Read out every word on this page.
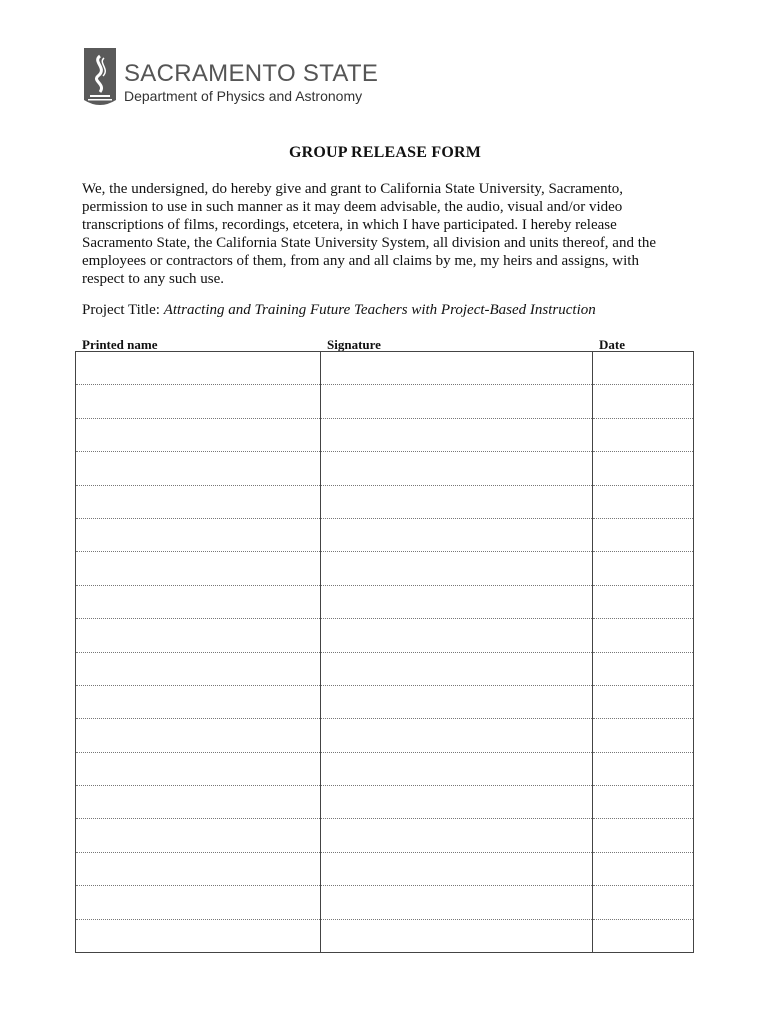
SACRAMENTO STATE
Department of Physics and Astronomy
GROUP RELEASE FORM
We, the undersigned, do hereby give and grant to California State University, Sacramento,
permission to use in such manner as it may deem advisable, the audio, visual and/or video
transcriptions of films, recordings, etcetera, in which I have participated. I hereby release
Sacramento State, the California State University System, all division and units thereof, and the
employees or contractors of them, from any and all claims by me, my heirs and assigns, with
respect to any such use.
Project Title: Attracting and Training Future Teachers with Project-Based Instruction
Printed name	Signature	Date
